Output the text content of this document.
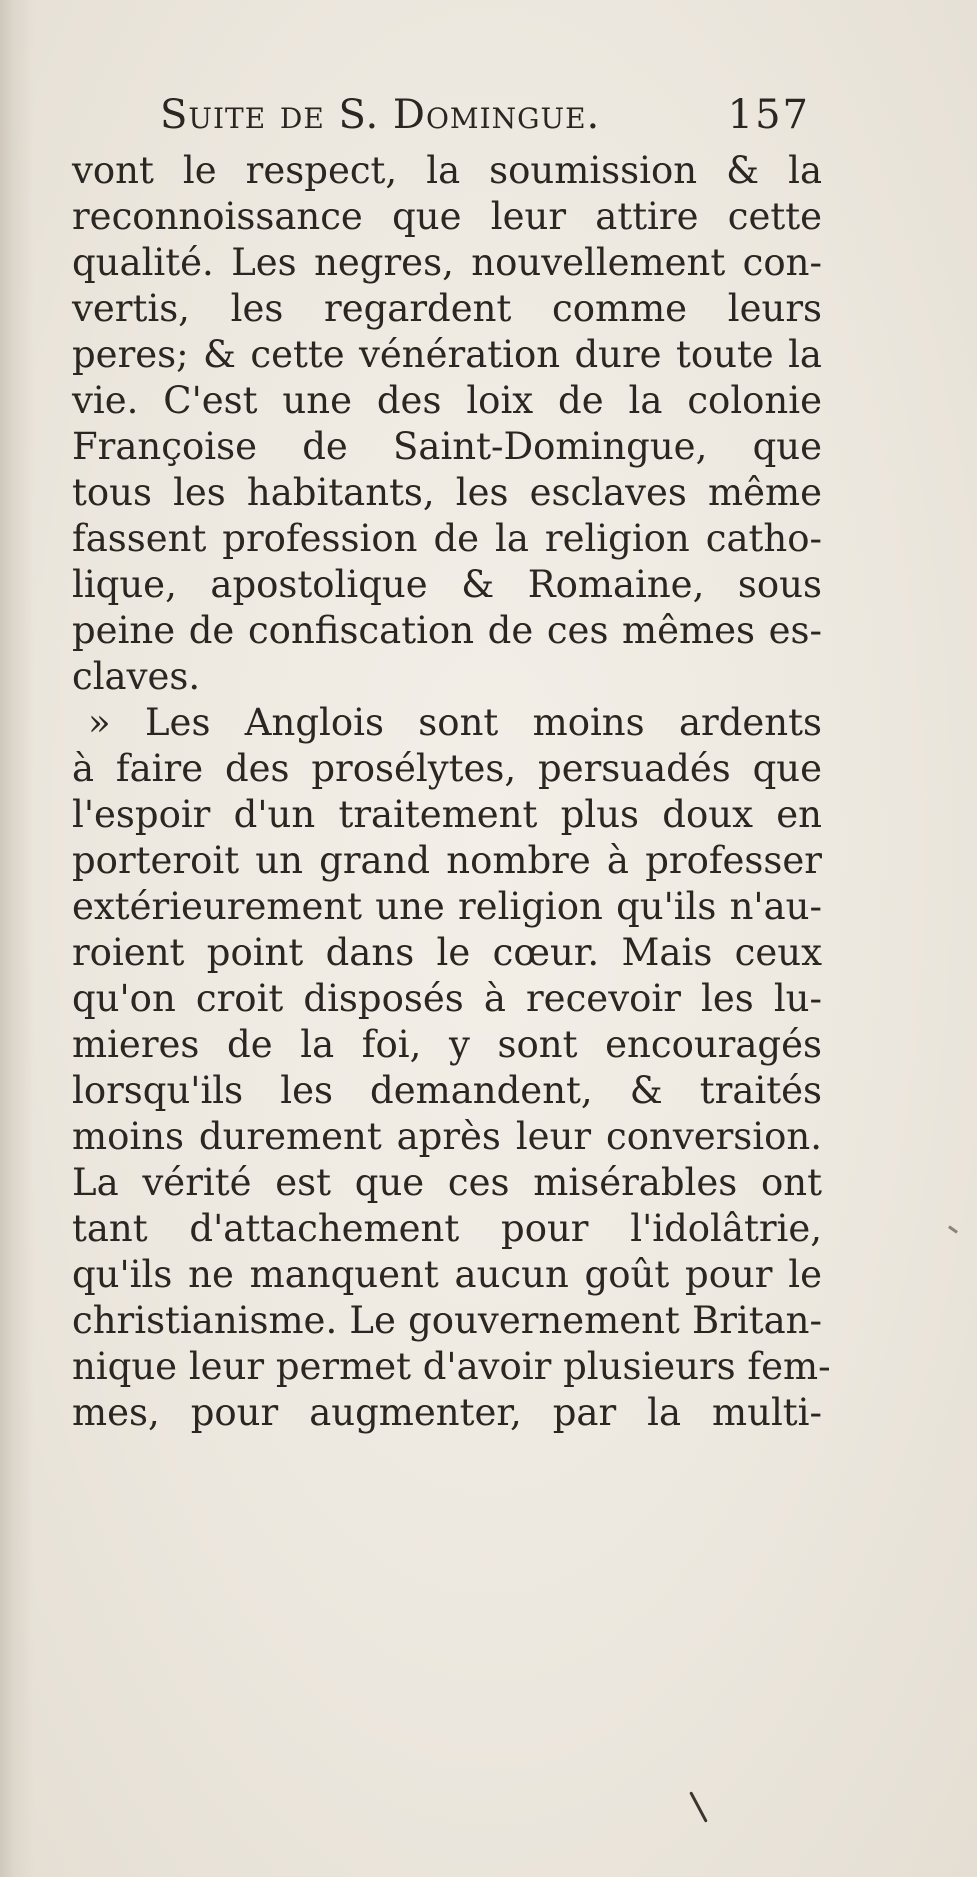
Suite de S. Domingue.	157
vont le respect, la soumission & la
reconnoissance que leur attire cette
qualité. Les negres, nouvellement con-
vertis, les regardent comme leurs
peres; & cette vénération dure toute la
vie. C'est une des loix de la colonie
Françoise de Saint-Domingue, que
tous les habitants, les esclaves même
fassent profession de la religion catho-
lique, apostolique & Romaine, sous
peine de confiscation de ces mêmes es-
claves.
» Les Anglois sont moins ardents
à faire des prosélytes, persuadés que
l'espoir d'un traitement plus doux en
porteroit un grand nombre à professer
extérieurement une religion qu'ils n'au-
roient point dans le cœur. Mais ceux
qu'on croit disposés à recevoir les lu-
mieres de la foi, y sont encouragés
lorsqu'ils les demandent, & traités
moins durement après leur conversion.
La vérité est que ces misérables ont
tant d'attachement pour l'idolâtrie,
qu'ils ne manquent aucun goût pour le
christianisme. Le gouvernement Britan-
nique leur permet d'avoir plusieurs fem-
mes, pour augmenter, par la multi-
